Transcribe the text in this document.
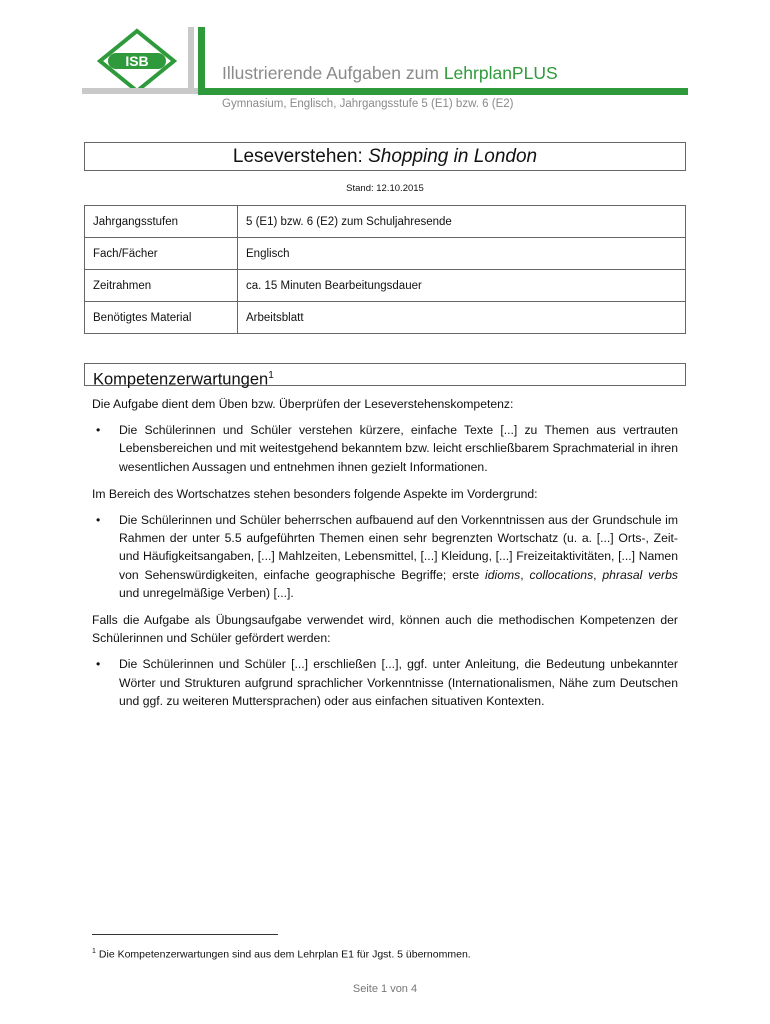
ISB
Illustrierende Aufgaben zum LehrplanPLUS
Gymnasium, Englisch, Jahrgangsstufe 5 (E1) bzw. 6 (E2)
Leseverstehen: Shopping in London
Stand: 12.10.2015
Jahrgangsstufen	5 (E1) bzw. 6 (E2) zum Schuljahresende
Fach/Fächer	Englisch
Zeitrahmen	ca. 15 Minuten Bearbeitungsdauer
Benötigtes Material	Arbeitsblatt
Kompetenzerwartungen$^1$

Die Aufgabe dient dem Üben bzw. Überprüfen der Leseverstehenskompetenz:

• Die Schülerinnen und Schüler verstehen kürzere, einfache Texte [...] zu Themen aus vertrauten Lebensbereichen und mit weitestgehend bekanntem bzw. leicht erschließbarem Sprachmaterial in ihren wesentlichen Aussagen und entnehmen ihnen gezielt Informationen.

Im Bereich des Wortschatzes stehen besonders folgende Aspekte im Vordergrund:

• Die Schülerinnen und Schüler beherrschen aufbauend auf den Vorkenntnissen aus der Grundschule im Rahmen der unter 5.5 aufgeführten Themen einen sehr begrenzten Wortschatz (u. a. [...] Orts-, Zeit- und Häufigkeitsangaben, [...] Mahlzeiten, Lebensmittel, [...] Kleidung, [...] Freizeitaktivitäten, [...] Namen von Sehenswürdigkeiten, einfache geographische Begriffe; erste idioms, collocations, phrasal verbs und unregelmäßige Verben) [...].

Falls die Aufgabe als Übungsaufgabe verwendet wird, können auch die methodischen Kompetenzen der Schülerinnen und Schüler gefördert werden:

• Die Schülerinnen und Schüler [...] erschließen [...], ggf. unter Anleitung, die Bedeutung unbekannter Wörter und Strukturen aufgrund sprachlicher Vorkenntnisse (Internationalismen, Nähe zum Deutschen und ggf. zu weiteren Muttersprachen) oder aus einfachen situativen Kontexten.
$^1$ Die Kompetenzerwartungen sind aus dem Lehrplan E1 für Jgst. 5 übernommen.
Seite 1 von 4
